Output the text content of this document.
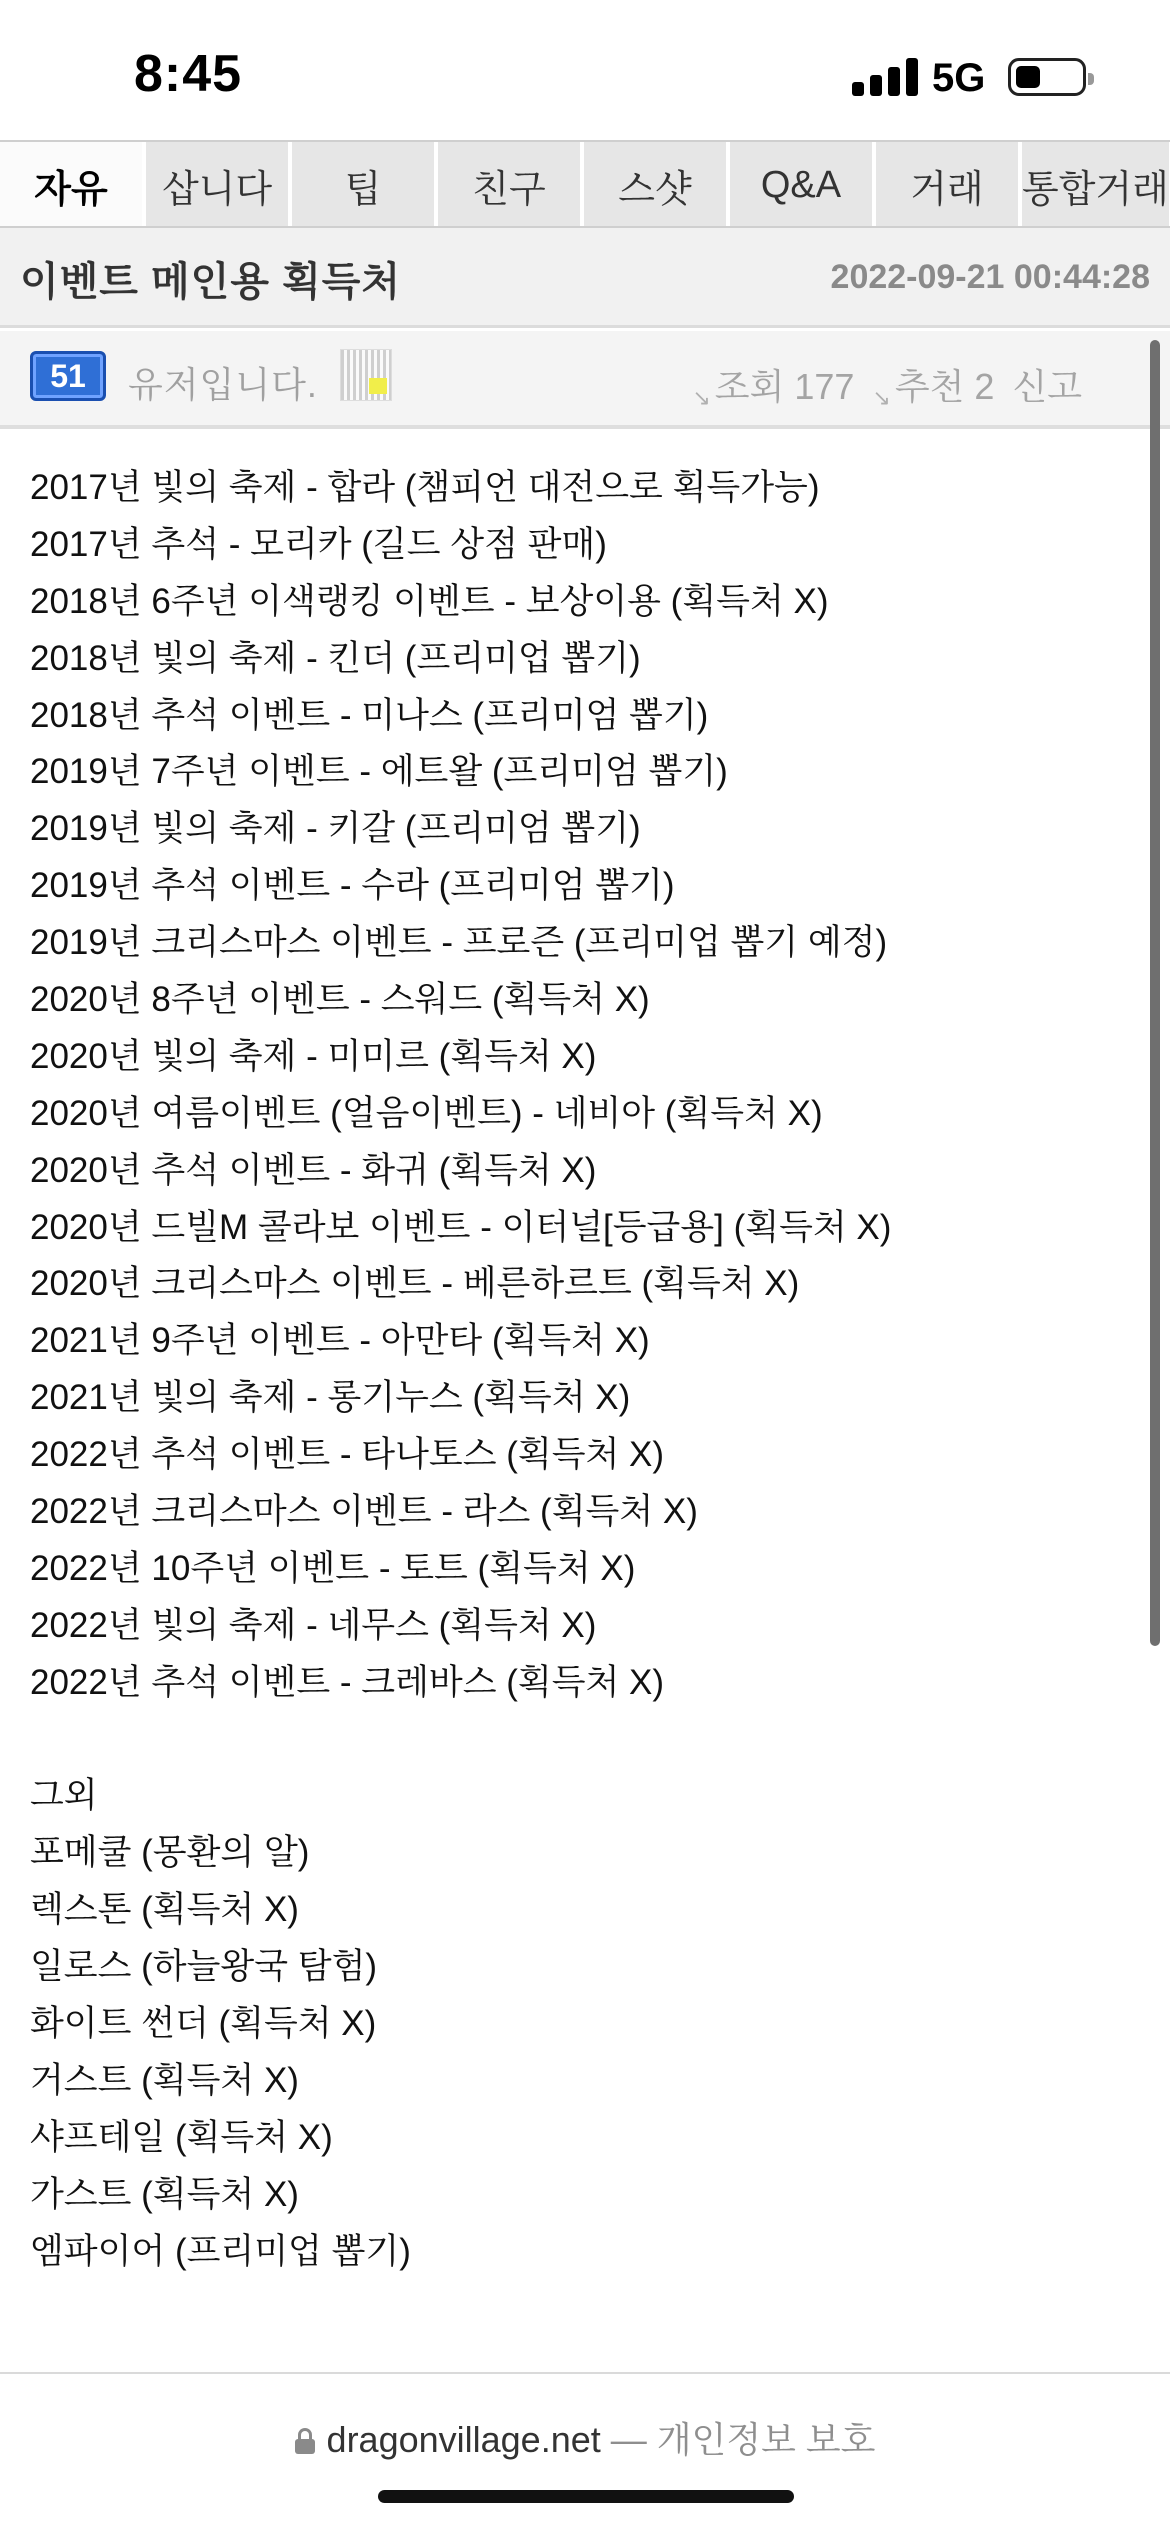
8:45	5G
자유	삽니다	팁	친구	스샷	Q&A	거래	통합거래
이벤트 메인용 획득처	2022-09-21 00:44:28
51	유저입니다.	↘ 조회 177 ↘ 추천 2 신고
2017년 빛의 축제 - 합라 (챔피언 대전으로 획득가능)
2017년 추석 - 모리카 (길드 상점 판매)
2018년 6주년 이색랭킹 이벤트 - 보상이용 (획득처 X)
2018년 빛의 축제 - 킨더 (프리미업 뽑기)
2018년 추석 이벤트 - 미나스 (프리미엄 뽑기)
2019년 7주년 이벤트 - 에트왈 (프리미엄 뽑기)
2019년 빛의 축제 - 키갈 (프리미엄 뽑기)
2019년 추석 이벤트 - 수라 (프리미엄 뽑기)
2019년 크리스마스 이벤트 - 프로즌 (프리미업 뽑기 예정)
2020년 8주년 이벤트 - 스워드 (획득처 X)
2020년 빛의 축제 - 미미르 (획득처 X)
2020년 여름이벤트 (얼음이벤트) - 네비아 (획득처 X)
2020년 추석 이벤트 - 화귀 (획득처 X)
2020년 드빌M 콜라보 이벤트 - 이터널[등급용] (획득처 X)
2020년 크리스마스 이벤트 - 베른하르트 (획득처 X)
2021년 9주년 이벤트 - 아만타 (획득처 X)
2021년 빛의 축제 - 롱기누스 (획득처 X)
2022년 추석 이벤트 - 타나토스 (획득처 X)
2022년 크리스마스 이벤트 - 라스 (획득처 X)
2022년 10주년 이벤트 - 토트 (획득처 X)
2022년 빛의 축제 - 네무스 (획득처 X)
2022년 추석 이벤트 - 크레바스 (획득처 X)
그외
포메쿨 (몽환의 알)
렉스톤 (획득처 X)
일로스 (하늘왕국 탐험)
화이트 썬더 (획득처 X)
거스트 (획득처 X)
샤프테일 (획득처 X)
가스트 (획득처 X)
엠파이어 (프리미업 뽑기)
dragonvillage.net — 개인정보 보호
